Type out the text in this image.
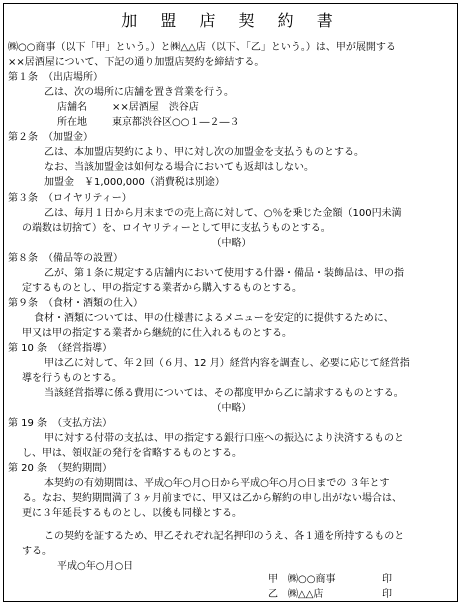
加 盟 店 契 約 書
㈱○○商事（以下「甲」という。）と㈱△△店（以下、「乙」という。）は、甲が展開する
××居酒屋について、下記の通り加盟店契約を締結する。
第１条　（出店場所）
乙は、次の場所に店舗を置き営業を行う。
店舗名	××居酒屋　渋谷店
所在地	東京都渋谷区○○１―２―３
第２条　（加盟金）
乙は、本加盟店契約により、甲に対し次の加盟金を支払うものとする。
なお、当該加盟金は如何なる場合においても返却はしない。
加盟金　￥1,000,000（消費税は別途）
第３条　（ロイヤリティー）
乙は、毎月１日から月末までの売上高に対して、○％を乗じた金額（100円未満
の端数は切捨て）を、ロイヤリティーとして甲に支払うものとする。
（中略）
第８条　（備品等の設置）
乙が、第１条に規定する店舗内において使用する什器・備品・装飾品は、甲の指
定するものとし、甲の指定する業者から購入するものとする。
第９条　（食材・酒類の仕入）
食材・酒類については、甲の仕様書によるメニューを安定的に提供するために、
甲又は甲の指定する業者から継続的に仕入れるものとする。
第 10 条　（経営指導）
甲は乙に対して、年２回（６月、12 月）経営内容を調査し、必要に応じて経営指
導を行うものとする。
当該経営指導に係る費用については、その都度甲から乙に請求するものとする。
（中略）
第 19 条　（支払方法）
甲に対する付帯の支払は、甲の指定する銀行口座への振込により決済するものと
し、甲は、領収証の発行を省略するものとする。
第 20 条　（契約期間）
本契約の有効期間は、平成○年○月○日から平成○年○月○日までの ３年とす
る。なお、契約期間満了３ヶ月前までに、甲又は乙から解約の申し出がない場合は、
更に３年延長するものとし、以後も同様とする。
この契約を証するため、甲乙それぞれ記名押印のうえ、各１通を所持するものと
する。
平成○年○月○日
甲 ㈱○○商事	印
乙 ㈱△△店	印
